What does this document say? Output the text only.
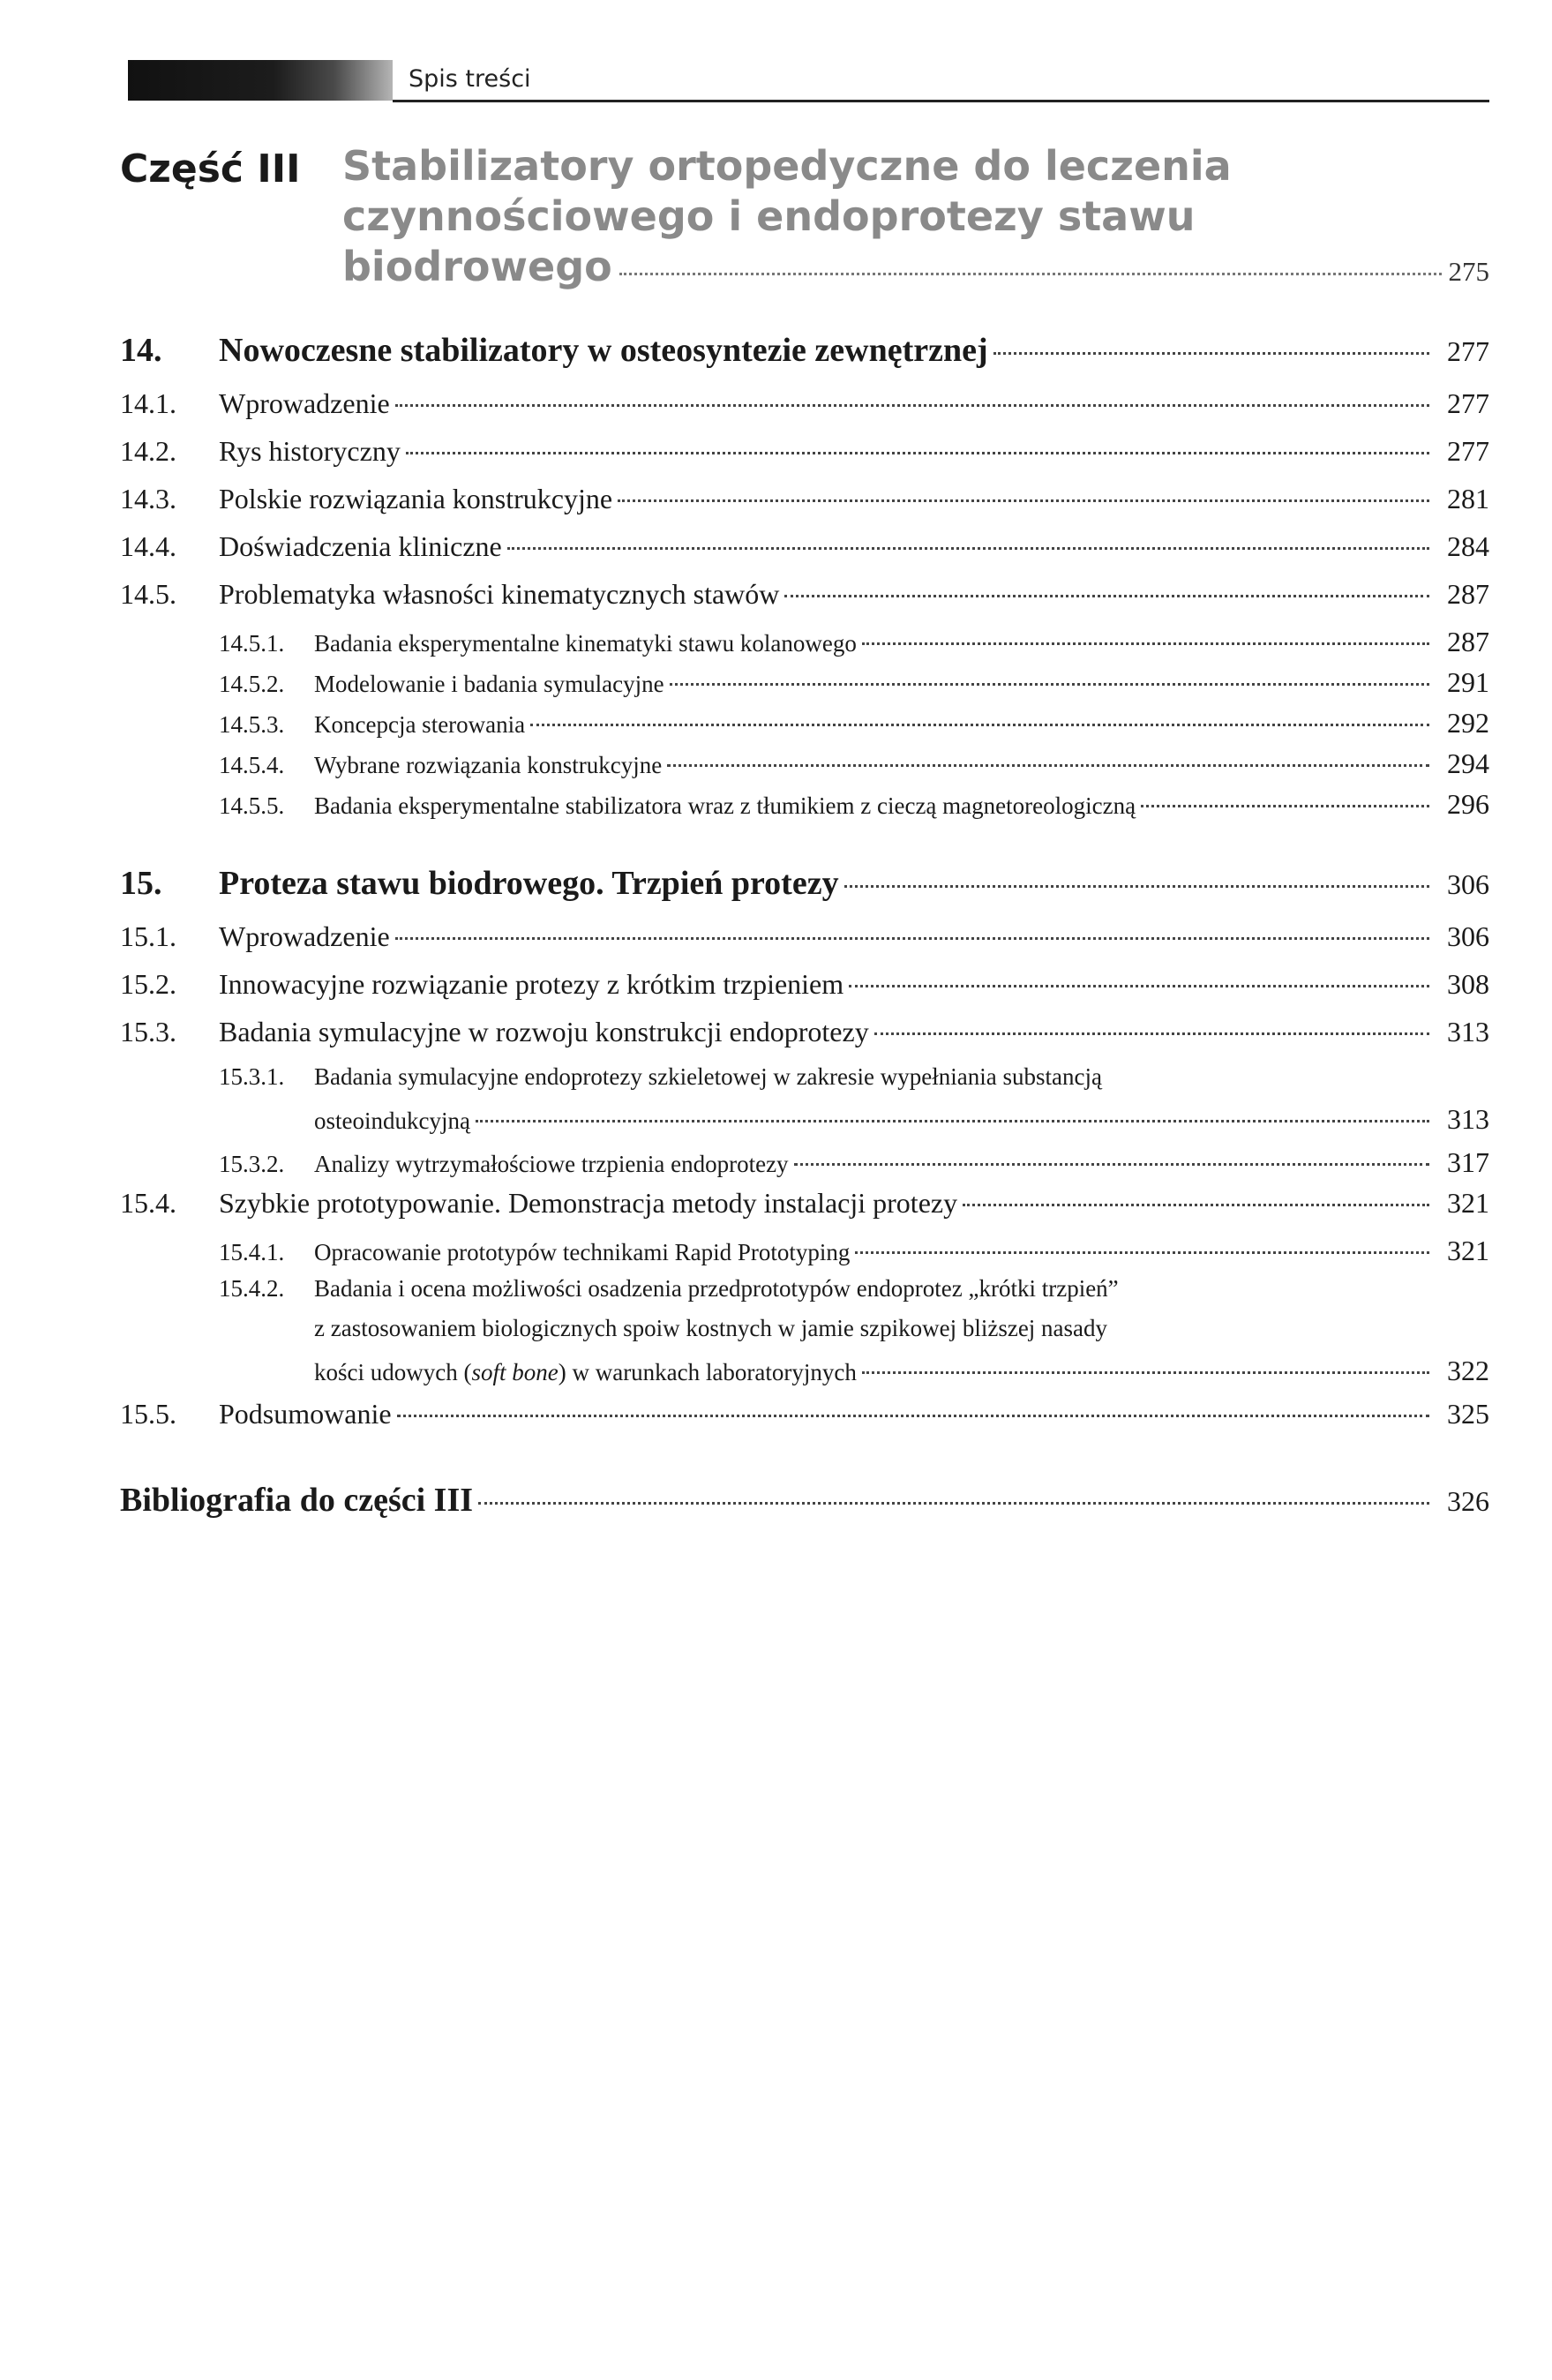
Spis treści
Część III Stabilizatory ortopedyczne do leczenia
czynnościowego i endoprotezy stawu
biodrowego	275
14.	Nowoczesne stabilizatory w osteosyntezie zewnętrznej	277
14.1.	Wprowadzenie	277
14.2.	Rys historyczny	277
14.3.	Polskie rozwiązania konstrukcyjne	281
14.4.	Doświadczenia kliniczne	284
14.5.	Problematyka własności kinematycznych stawów	287
14.5.1.	Badania eksperymentalne kinematyki stawu kolanowego	287
14.5.2.	Modelowanie i badania symulacyjne	291
14.5.3.	Koncepcja sterowania	292
14.5.4.	Wybrane rozwiązania konstrukcyjne	294
14.5.5.	Badania eksperymentalne stabilizatora wraz z tłumikiem z cieczą magnetoreologiczną	296
15.	Proteza stawu biodrowego. Trzpień protezy	306
15.1.	Wprowadzenie	306
15.2.	Innowacyjne rozwiązanie protezy z krótkim trzpieniem	308
15.3.	Badania symulacyjne w rozwoju konstrukcji endoprotezy	313
15.3.1.	Badania symulacyjne endoprotezy szkieletowej w zakresie wypełniania substancją
osteoindukcyjną	313
15.3.2.	Analizy wytrzymałościowe trzpienia endoprotezy	317
15.4.	Szybkie prototypowanie. Demonstracja metody instalacji protezy	321
15.4.1.	Opracowanie prototypów technikami Rapid Prototyping	321
15.4.2.	Badania i ocena możliwości osadzenia przedprototypów endoprotez „krótki trzpień”
z zastosowaniem biologicznych spoiw kostnych w jamie szpikowej bliższej nasady
kości udowych (soft bone) w warunkach laboratoryjnych	322
15.5.	Podsumowanie	325
Bibliografia do części III	326
